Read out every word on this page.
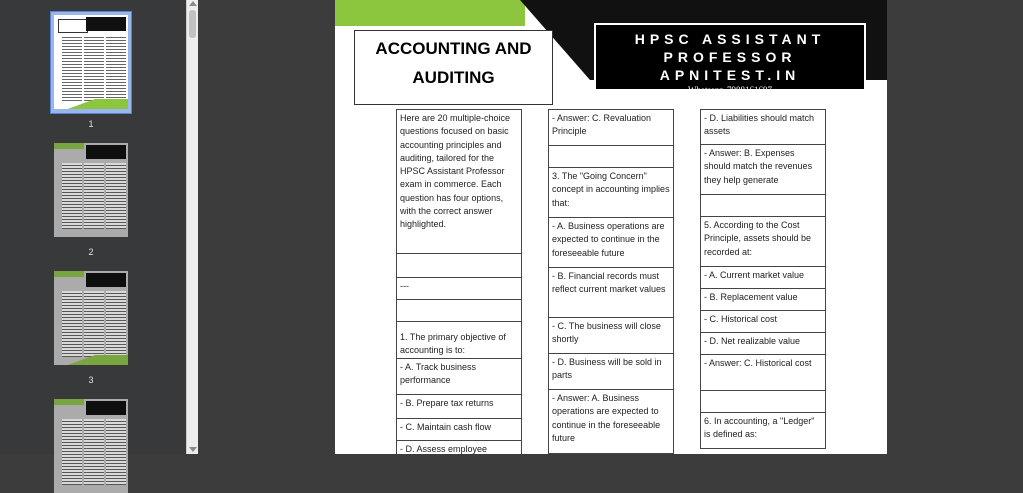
1
2
3
ACCOUNTING AND AUDITING
HPSC ASSISTANT
PROFESSOR
APNITEST.IN
Whatsapp-7988161697
Here are 20 multiple-choice questions focused on basic accounting principles and auditing, tailored for the HPSC Assistant Professor exam in commerce. Each question has four options, with the correct answer highlighted.
---
1. The primary objective of accounting is to:
- A. Track business performance
- B. Prepare tax returns
- C. Maintain cash flow
- D. Assess employee
- Answer: C. Revaluation Principle
3. The "Going Concern" concept in accounting implies that:
- A. Business operations are expected to continue in the foreseeable future
- B. Financial records must reflect current market values
- C. The business will close shortly
- D. Business will be sold in parts
- Answer: A. Business operations are expected to continue in the foreseeable future
- D. Liabilities should match assets
- Answer: B. Expenses should match the revenues they help generate
5. According to the Cost Principle, assets should be recorded at:
- A. Current market value
- B. Replacement value
- C. Historical cost
- D. Net realizable value
- Answer: C. Historical cost
6. In accounting, a "Ledger" is defined as:
